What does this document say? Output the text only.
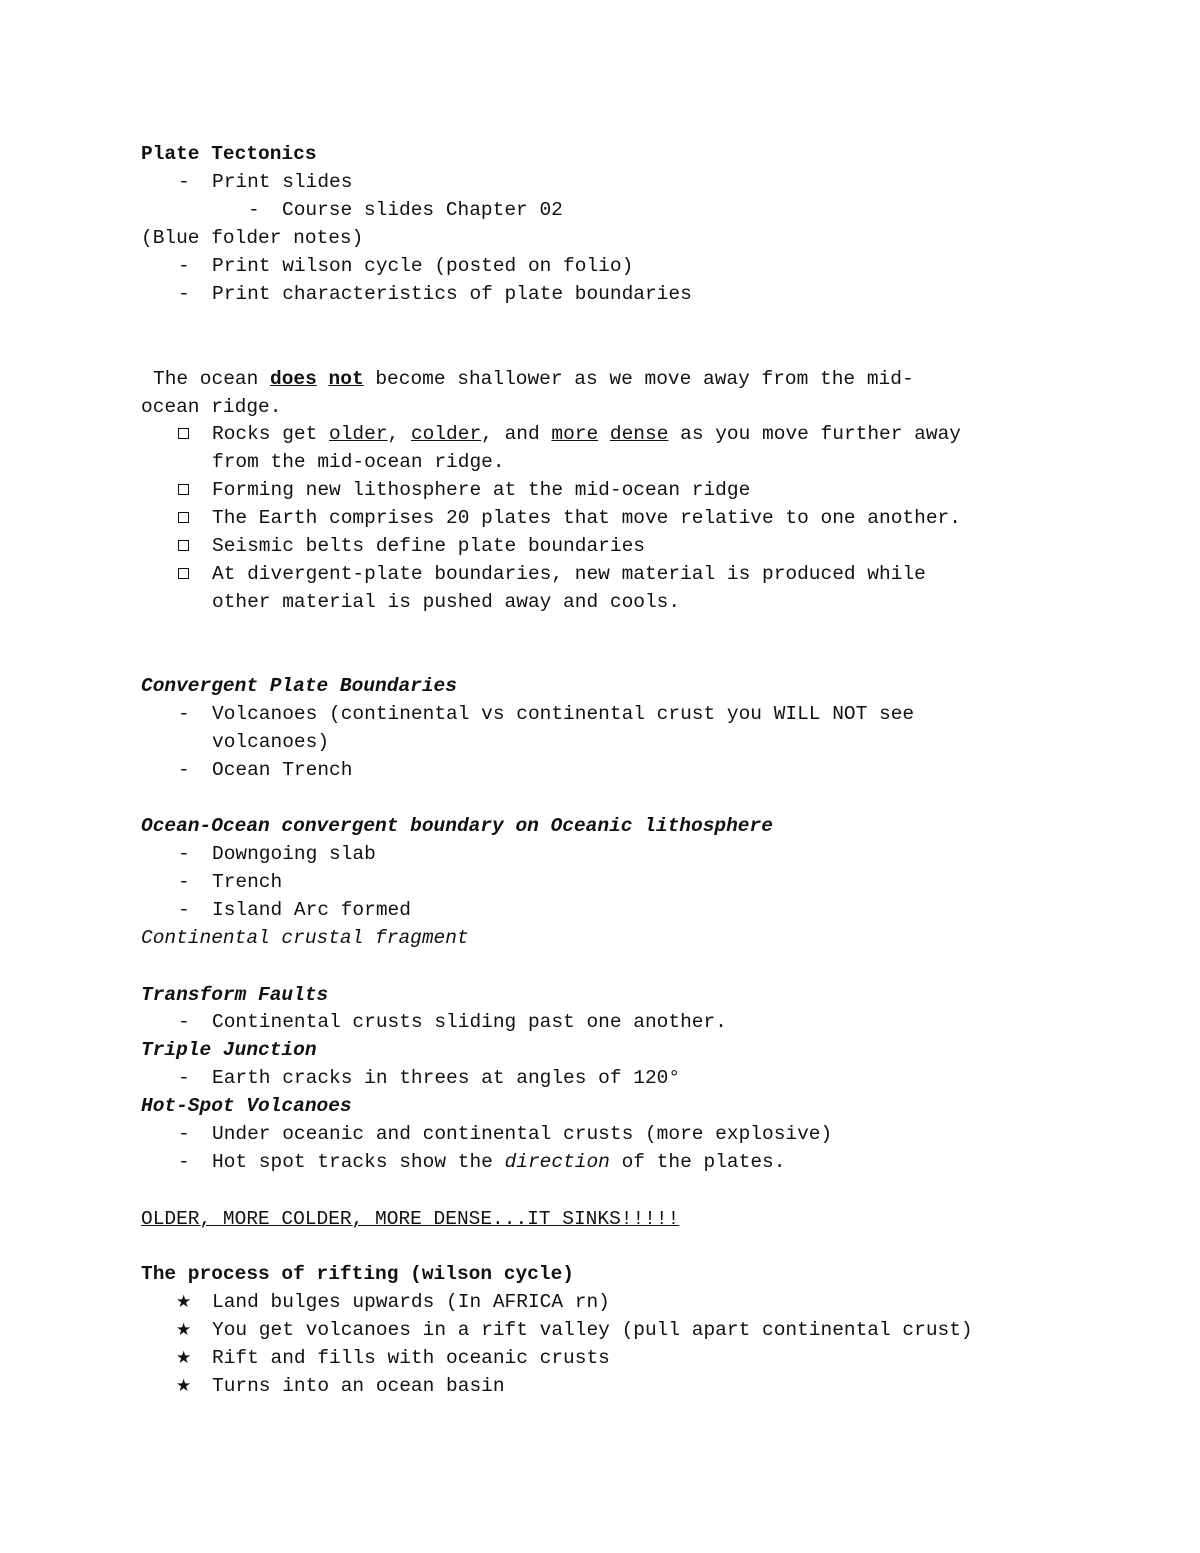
Plate Tectonics
- Print slides
- Course slides Chapter 02
(Blue folder notes)
- Print wilson cycle (posted on folio)
- Print characteristics of plate boundaries
The ocean does not become shallower as we move away from the mid-
ocean ridge.
Rocks get older, colder, and more dense as you move further away
from the mid-ocean ridge.
Forming new lithosphere at the mid-ocean ridge
The Earth comprises 20 plates that move relative to one another.
Seismic belts define plate boundaries
At divergent-plate boundaries, new material is produced while
other material is pushed away and cools.
Convergent Plate Boundaries
- Volcanoes (continental vs continental crust you WILL NOT see
volcanoes)
- Ocean Trench
Ocean-Ocean convergent boundary on Oceanic lithosphere
- Downgoing slab
- Trench
- Island Arc formed
Continental crustal fragment
Transform Faults
- Continental crusts sliding past one another.
Triple Junction
- Earth cracks in threes at angles of 120°
Hot-Spot Volcanoes
- Under oceanic and continental crusts (more explosive)
- Hot spot tracks show the direction of the plates.
OLDER, MORE COLDER, MORE DENSE...IT SINKS!!!!!
The process of rifting (wilson cycle)
★ Land bulges upwards (In AFRICA rn)
★ You get volcanoes in a rift valley (pull apart continental crust)
★ Rift and fills with oceanic crusts
★ Turns into an ocean basin
